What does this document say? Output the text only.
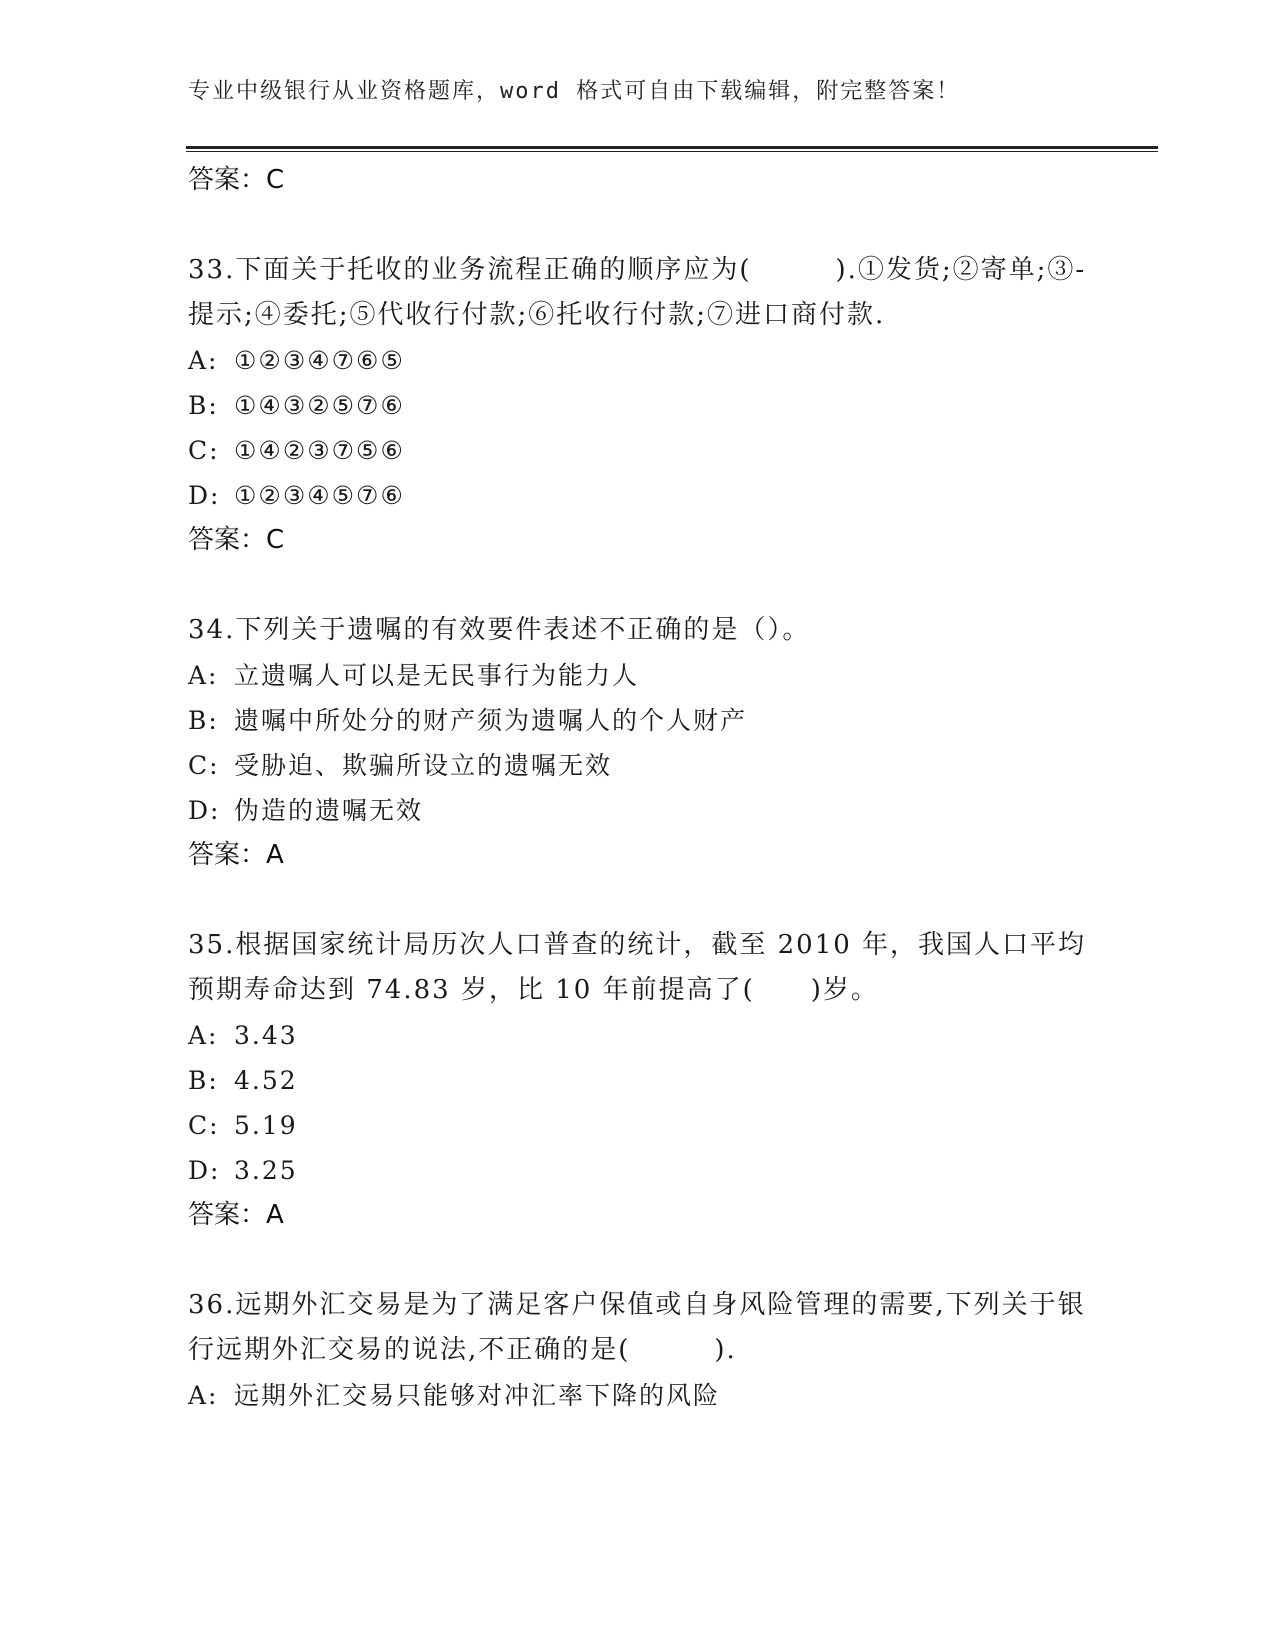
专业中级银行从业资格题库，word 格式可自由下载编辑，附完整答案！
答案：C
33.下面关于托收的业务流程正确的顺序应为(　　　).①发货;②寄单;③-提示;④委托;⑤代收行付款;⑥托收行付款;⑦进口商付款.
A: ①②③④⑦⑥⑤
B: ①④③②⑤⑦⑥
C: ①④②③⑦⑤⑥
D: ①②③④⑤⑦⑥
答案：C
34.下列关于遗嘱的有效要件表述不正确的是（）。
A: 立遗嘱人可以是无民事行为能力人
B: 遗嘱中所处分的财产须为遗嘱人的个人财产
C: 受胁迫、欺骗所设立的遗嘱无效
D: 伪造的遗嘱无效
答案：A
35.根据国家统计局历次人口普查的统计，截至 2010 年，我国人口平均预期寿命达到 74.83 岁，比 10 年前提高了(　　)岁。
A: 3.43
B: 4.52
C: 5.19
D: 3.25
答案：A
36.远期外汇交易是为了满足客户保值或自身风险管理的需要,下列关于银行远期外汇交易的说法,不正确的是(　　　).
A: 远期外汇交易只能够对冲汇率下降的风险
